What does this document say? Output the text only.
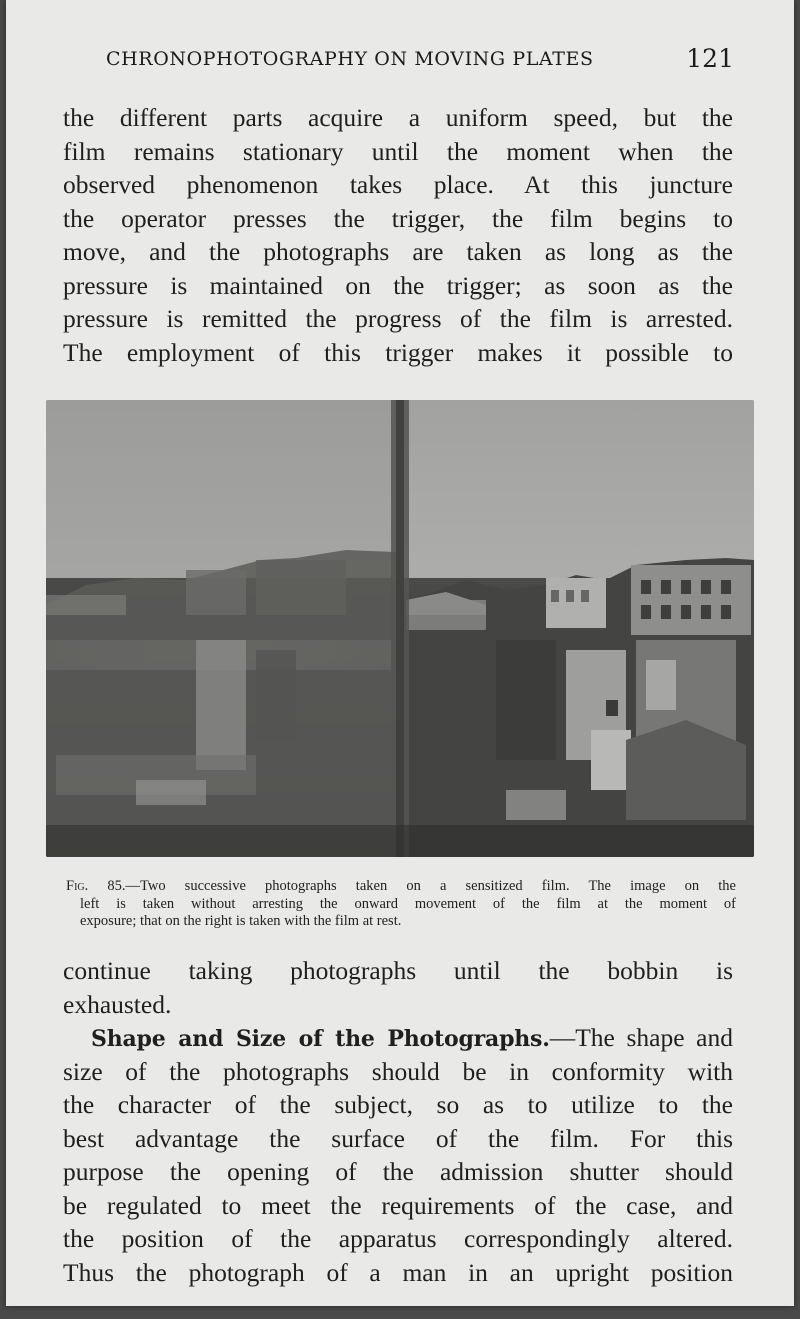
CHRONOPHOTOGRAPHY ON MOVING PLATES	121
the different parts acquire a uniform speed, but the
film remains stationary until the moment when the
observed phenomenon takes place. At this juncture
the operator presses the trigger, the film begins to
move, and the photographs are taken as long as the
pressure is maintained on the trigger; as soon as the
pressure is remitted the progress of the film is arrested.
The employment of this trigger makes it possible to
Fig. 85.—Two successive photographs taken on a sensitized film. The image on the
left is taken without arresting the onward movement of the film at the moment of
exposure; that on the right is taken with the film at rest.
continue taking photographs until the bobbin is
exhausted.
Shape and Size of the Photographs.—The shape and
size of the photographs should be in conformity with
the character of the subject, so as to utilize to the
best advantage the surface of the film. For this
purpose the opening of the admission shutter should
be regulated to meet the requirements of the case, and
the position of the apparatus correspondingly altered.
Thus the photograph of a man in an upright position
